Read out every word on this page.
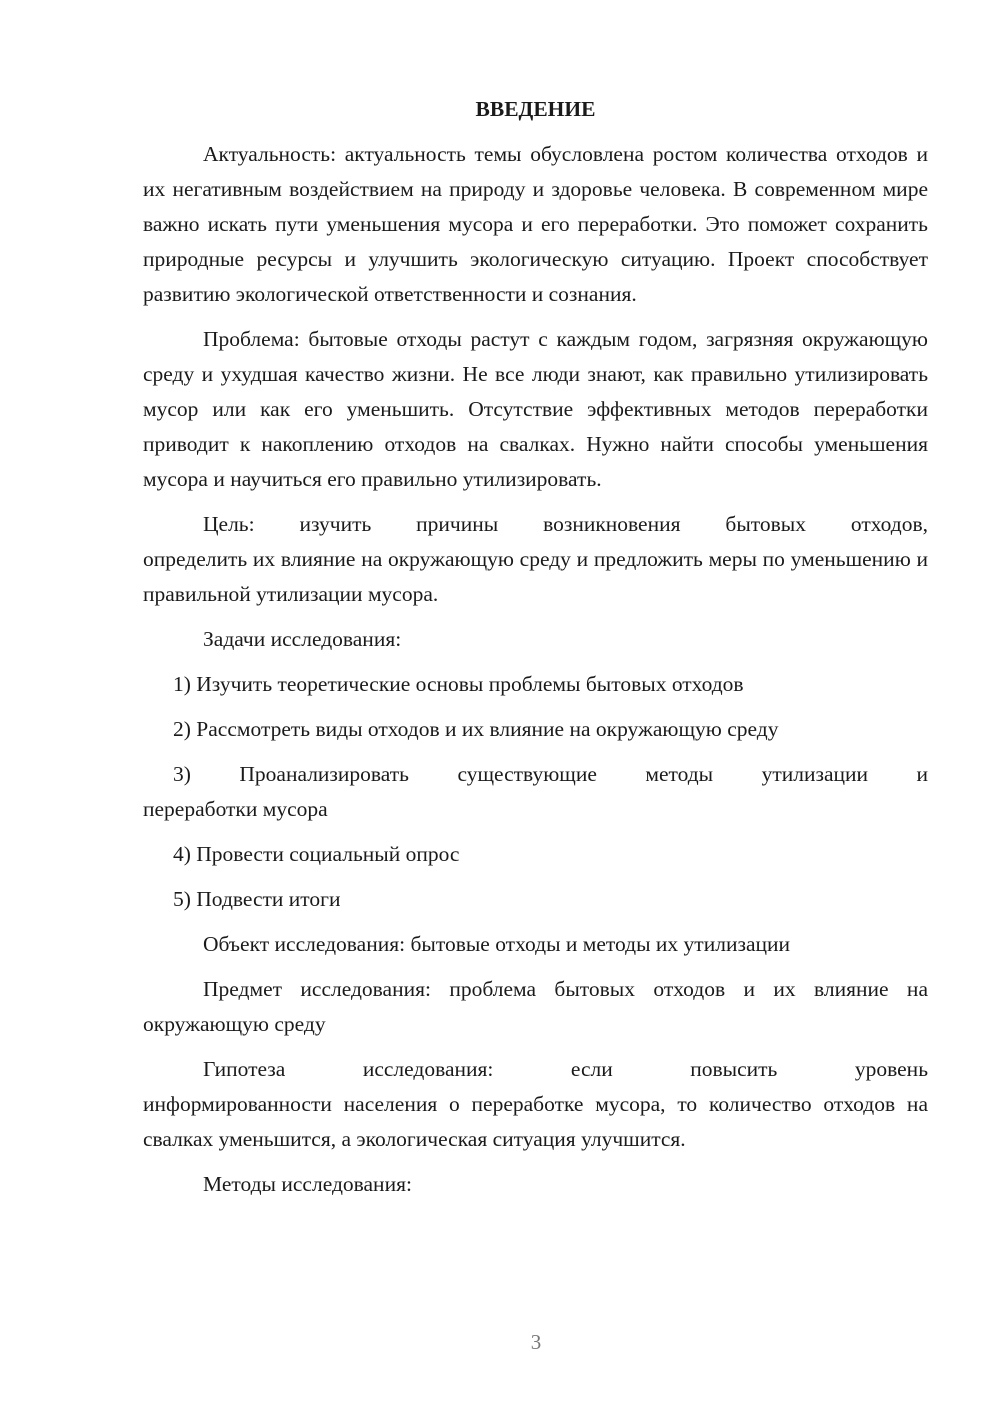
ВВЕДЕНИЕ

Актуальность: актуальность темы обусловлена ростом количества отходов и их негативным воздействием на природу и здоровье человека. В современном мире важно искать пути уменьшения мусора и его переработки. Это поможет сохранить природные ресурсы и улучшить экологическую ситуацию. Проект способствует развитию экологической ответственности и сознания.

Проблема: бытовые отходы растут с каждым годом, загрязняя окружающую среду и ухудшая качество жизни. Не все люди знают, как правильно утилизировать мусор или как его уменьшить. Отсутствие эффективных методов переработки приводит к накоплению отходов на свалках. Нужно найти способы уменьшения мусора и научиться его правильно утилизировать.

Цель: изучить причины возникновения бытовых отходов,
определить их влияние на окружающую среду и предложить меры по уменьшению и правильной утилизации мусора.

Задачи исследования:

1) Изучить теоретические основы проблемы бытовых отходов

2) Рассмотреть виды отходов и их влияние на окружающую среду

3) Проанализировать существующие методы утилизации и
переработки мусора

4) Провести социальный опрос

5) Подвести итоги

Объект исследования: бытовые отходы и методы их утилизации

Предмет исследования: проблема бытовых отходов и их влияние на окружающую среду

Гипотеза исследования: если повысить уровень
информированности населения о переработке мусора, то количество отходов на свалках уменьшится, а экологическая ситуация улучшится.

Методы исследования:

3
